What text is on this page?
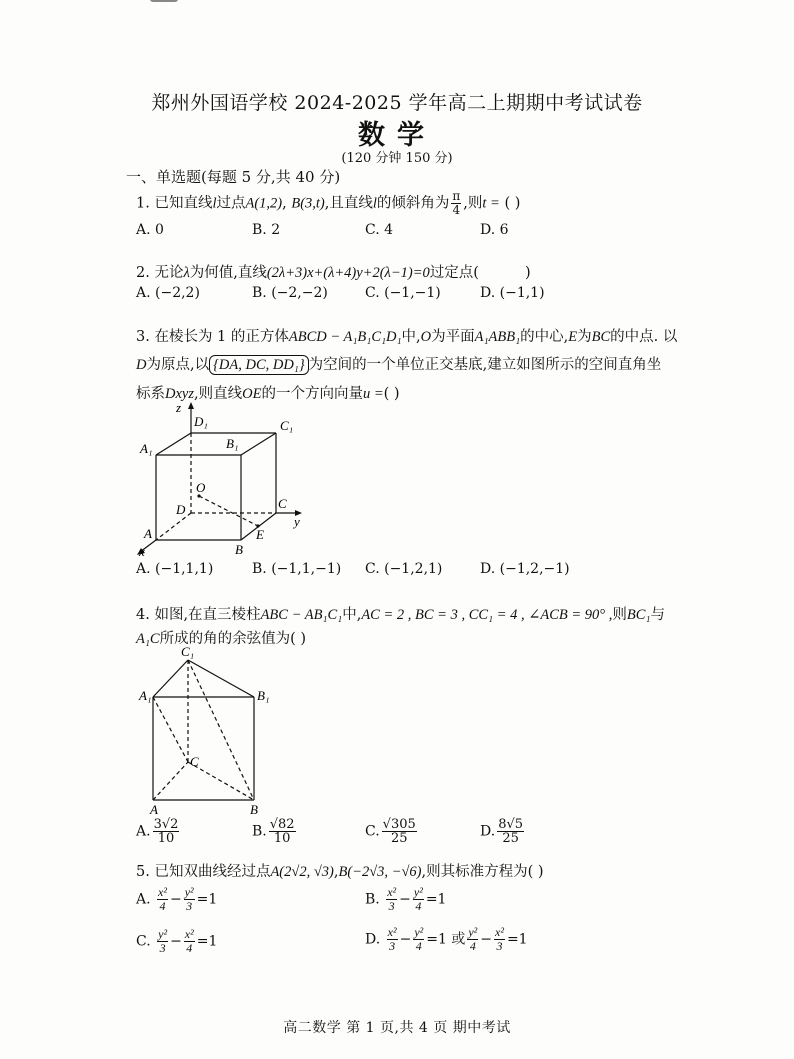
郑州外国语学校 2024-2025 学年高二上期期中考试试卷
数学
(120 分钟 150 分)
一、单选题(每题 5 分,共 40 分)
1. 已知直线l过点A(1,2), B(3,t),且直线l的倾斜角为 $\frac{\pi}{4}$ ,则t = ( )
A. 0	B. 2	C. 4	D. 6
2. 无论λ为何值,直线(2λ+3)x+(λ+4)y+2(λ−1)=0过定点(	)
A. (−2,2)	B. (−2,−2)	C. (−1,−1)	D. (−1,1)
3. 在棱长为 1 的正方体ABCD − A₁B₁C₁D₁中,O为平面A₁ABB₁的中心,E为BC的中点. 以
D为原点,以 {DA, DC, DD₁} 为空间的一个单位正交基底,建立如图所示的空间直角坐
标系Dxyz,则直线OE的一个方向向量u =( )
z
y
x
D₁	C₁
A₁	B₁
O
D	C
A
B
E
A. (−1,1,1)	B. (−1,1,−1) C. (−1,2,1)	D. (−1,2,−1)
4. 如图,在直三棱柱ABC − AB₁C₁中,AC = 2 , BC = 3 , CC₁ = 4 , ∠ACB = 90° ,则BC₁与
A₁C所成的角的余弦值为( )
C₁
A₁	B₁
C
A	B
A. $\frac{3√2}{10}$	B. $\frac{√82}{10}$	C. $\frac{√305}{25}$	D. $\frac{8√5}{25}$
5. 已知双曲线经过点A(2√2, √3),B(−2√3, −√6),则其标准方程为( )
A. $\frac{\text{x²}}{4} - \frac{\text{y²}}{3} =1$	B. $\frac{\text{x²}}{3} - \frac{\text{y²}}{4} =1$
C. $\frac{\text{y²}}{3} - \frac{\text{x²}}{4} =1$	D. $\frac{\text{x²}}{3} - \frac{\text{y²}}{4} =1$ 或 $\frac{\text{y²}}{4} - \frac{\text{x²}}{3} =1$
高二数学 第 1 页,共 4 页 期中考试
